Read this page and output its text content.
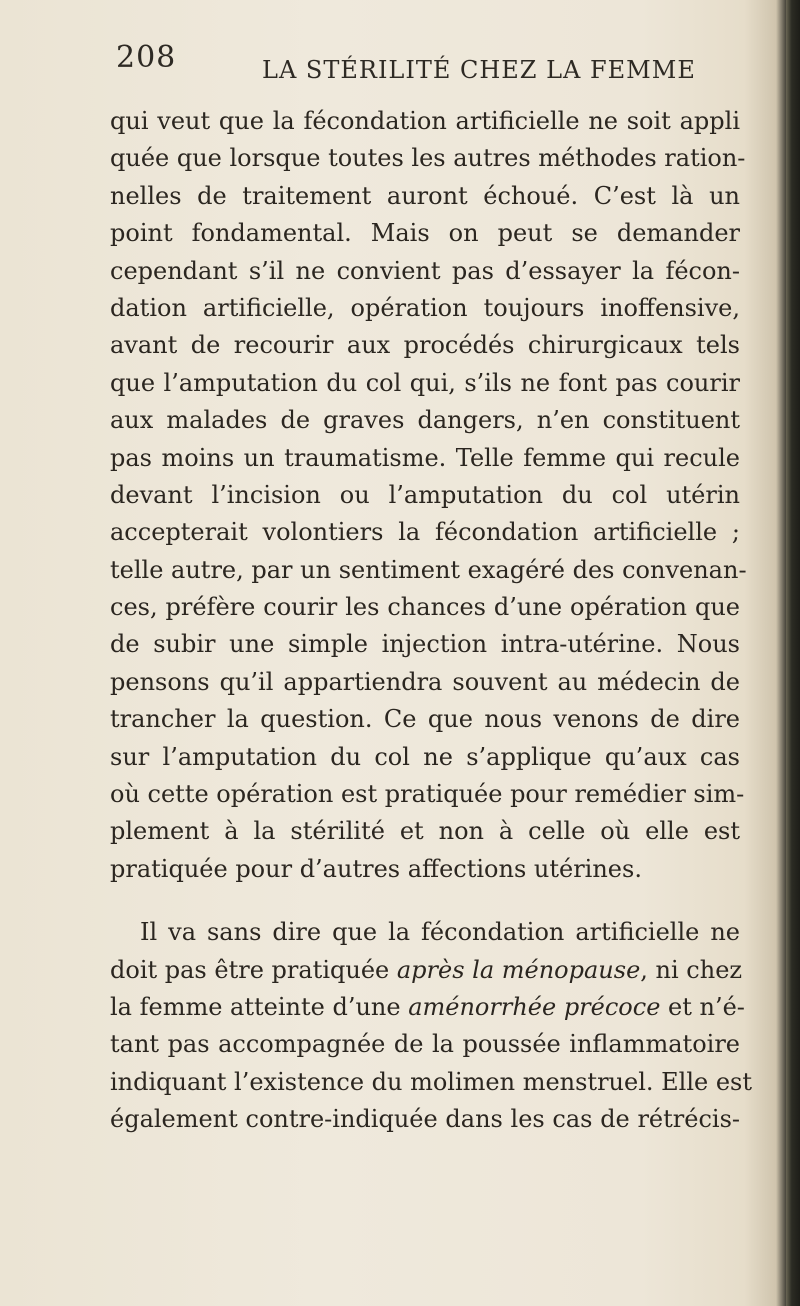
208	LA STÉRILITÉ CHEZ LA FEMME
qui veut que la fécondation artificielle ne soit appli
quée que lorsque toutes les autres méthodes ration-
nelles de traitement auront échoué. C’est là un
point fondamental. Mais on peut se demander
cependant s’il ne convient pas d’essayer la fécon-
dation artificielle, opération toujours inoffensive,
avant de recourir aux procédés chirurgicaux tels
que l’amputation du col qui, s’ils ne font pas courir
aux malades de graves dangers, n’en constituent
pas moins un traumatisme. Telle femme qui recule
devant l’incision ou l’amputation du col utérin
accepterait volontiers la fécondation artificielle ;
telle autre, par un sentiment exagéré des convenan-
ces, préfère courir les chances d’une opération que
de subir une simple injection intra-utérine. Nous
pensons qu’il appartiendra souvent au médecin de
trancher la question. Ce que nous venons de dire
sur l’amputation du col ne s’applique qu’aux cas
où cette opération est pratiquée pour remédier sim-
plement à la stérilité et non à celle où elle est
pratiquée pour d’autres affections utérines.
Il va sans dire que la fécondation artificielle ne
doit pas être pratiquée après la ménopause, ni chez
la femme atteinte d’une aménorrhée précoce et n’é-
tant pas accompagnée de la poussée inflammatoire
indiquant l’existence du molimen menstruel. Elle est
également contre-indiquée dans les cas de rétrécis-
